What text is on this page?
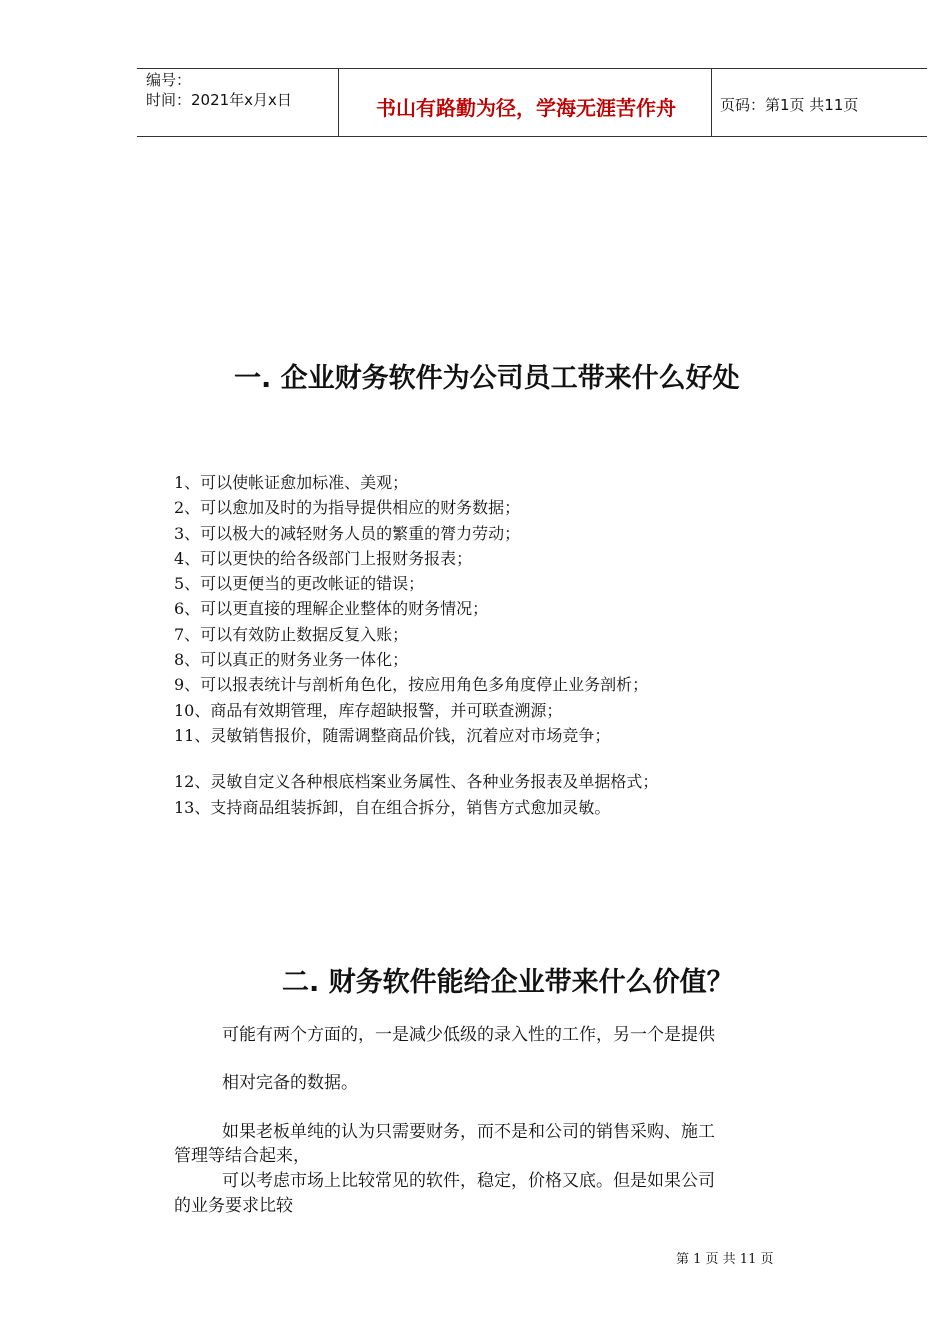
编号：
时间：2021年x月x日	书山有路勤为径，学海无涯苦作舟	页码：第1页 共11页
一. 企业财务软件为公司员工带来什么好处
1、可以使帐证愈加标准、美观；
2、可以愈加及时的为指导提供相应的财务数据；
3、可以极大的减轻财务人员的繁重的膂力劳动；
4、可以更快的给各级部门上报财务报表；
5、可以更便当的更改帐证的错误；
6、可以更直接的理解企业整体的财务情况；
7、可以有效防止数据反复入账；
8、可以真正的财务业务一体化；
9、可以报表统计与剖析角色化，按应用角色多角度停止业务剖析；
10、商品有效期管理，库存超缺报警，并可联查溯源；
11、灵敏销售报价，随需调整商品价钱，沉着应对市场竞争；
12、灵敏自定义各种根底档案业务属性、各种业务报表及单据格式；
13、支持商品组装拆卸，自在组合拆分，销售方式愈加灵敏。
二. 财务软件能给企业带来什么价值？
可能有两个方面的，一是减少低级的录入性的工作，另一个是提供
相对完备的数据。
如果老板单纯的认为只需要财务，而不是和公司的销售采购、施工
管理等结合起来，
可以考虑市场上比较常见的软件，稳定，价格又底。但是如果公司
的业务要求比较
第 1 页 共 11 页
